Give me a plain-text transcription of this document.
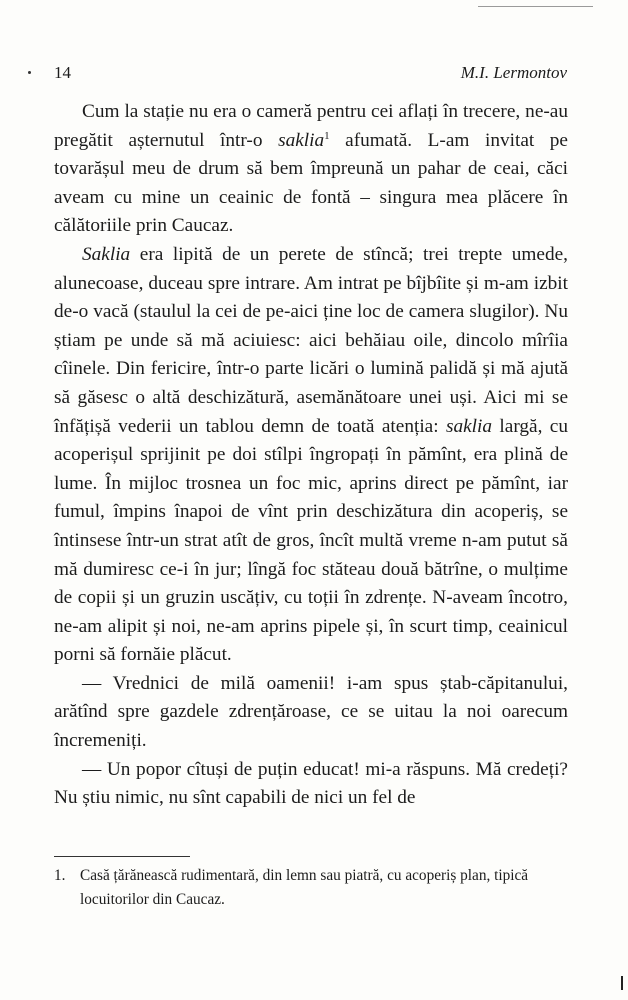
14	M.I. Lermontov

Cum la stație nu era o cameră pentru cei aflați în trecere, ne-au pregătit așternutul într-o saklia$^1$ afumată. L-am invitat pe tovarășul meu de drum să bem împreună un pahar de ceai, căci aveam cu mine un ceainic de fontă – singura mea plăcere în călătoriile prin Caucaz.

Saklia era lipită de un perete de stîncă; trei trepte umede, alunecoase, duceau spre intrare. Am intrat pe bîjbîite și m-am izbit de-o vacă (staulul la cei de pe-aici ține loc de camera slugilor). Nu știam pe unde să mă aciuiesc: aici behăiau oile, dincolo mîrîia cîinele. Din fericire, într-o parte licări o lumină palidă și mă ajută să găsesc o altă deschizătură, asemănătoare unei uși. Aici mi se înfățișă vederii un tablou demn de toată atenția: saklia largă, cu acoperișul sprijinit pe doi stîlpi îngropați în pămînt, era plină de lume. În mijloc trosnea un foc mic, aprins direct pe pămînt, iar fumul, împins înapoi de vînt prin deschizătura din acoperiș, se întinsese într-un strat atît de gros, încît multă vreme n-am putut să mă dumiresc ce-i în jur; lîngă foc stăteau două bătrîne, o mulțime de copii și un gruzin uscățiv, cu toții în zdrențe. N-aveam încotro, ne-am alipit și noi, ne-am aprins pipele și, în scurt timp, ceainicul porni să fornăie plăcut.

— Vrednici de milă oamenii! i-am spus ștab-căpitanului, arătînd spre gazdele zdrențăroase, ce se uitau la noi oarecum încremeniți.

— Un popor cîtuși de puțin educat! mi-a răspuns. Mă credeți? Nu știu nimic, nu sînt capabili de nici un fel de

1. Casă țărănească rudimentară, din lemn sau piatră, cu acoperiș plan, tipică locuitorilor din Caucaz.
